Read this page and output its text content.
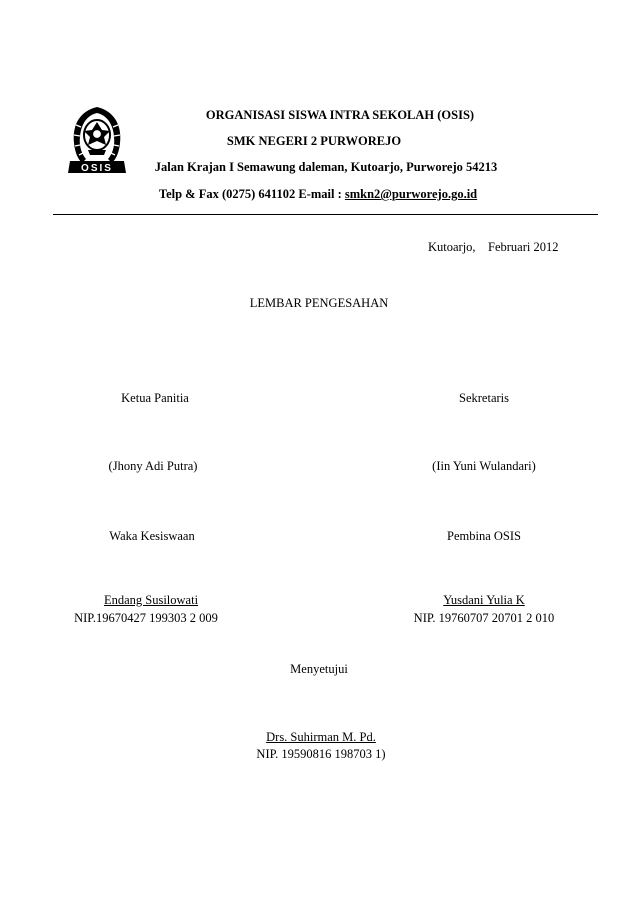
OSIS
ORGANISASI SISWA INTRA SEKOLAH (OSIS)
SMK NEGERI 2 PURWOREJO
Jalan Krajan I Semawung daleman, Kutoarjo, Purworejo 54213
Telp & Fax (0275) 641102 E-mail : smkn2@purworejo.go.id
Kutoarjo, Februari 2012
LEMBAR PENGESAHAN
Ketua Panitia	Sekretaris
(Jhony Adi Putra)	(Iin Yuni Wulandari)
Waka Kesiswaan	Pembina OSIS
Endang Susilowati	Yusdani Yulia K
NIP.19670427 199303 2 009	NIP. 19760707 20701 2 010
Menyetujui
Drs. Suhirman M. Pd.
NIP. 19590816 198703 1)
